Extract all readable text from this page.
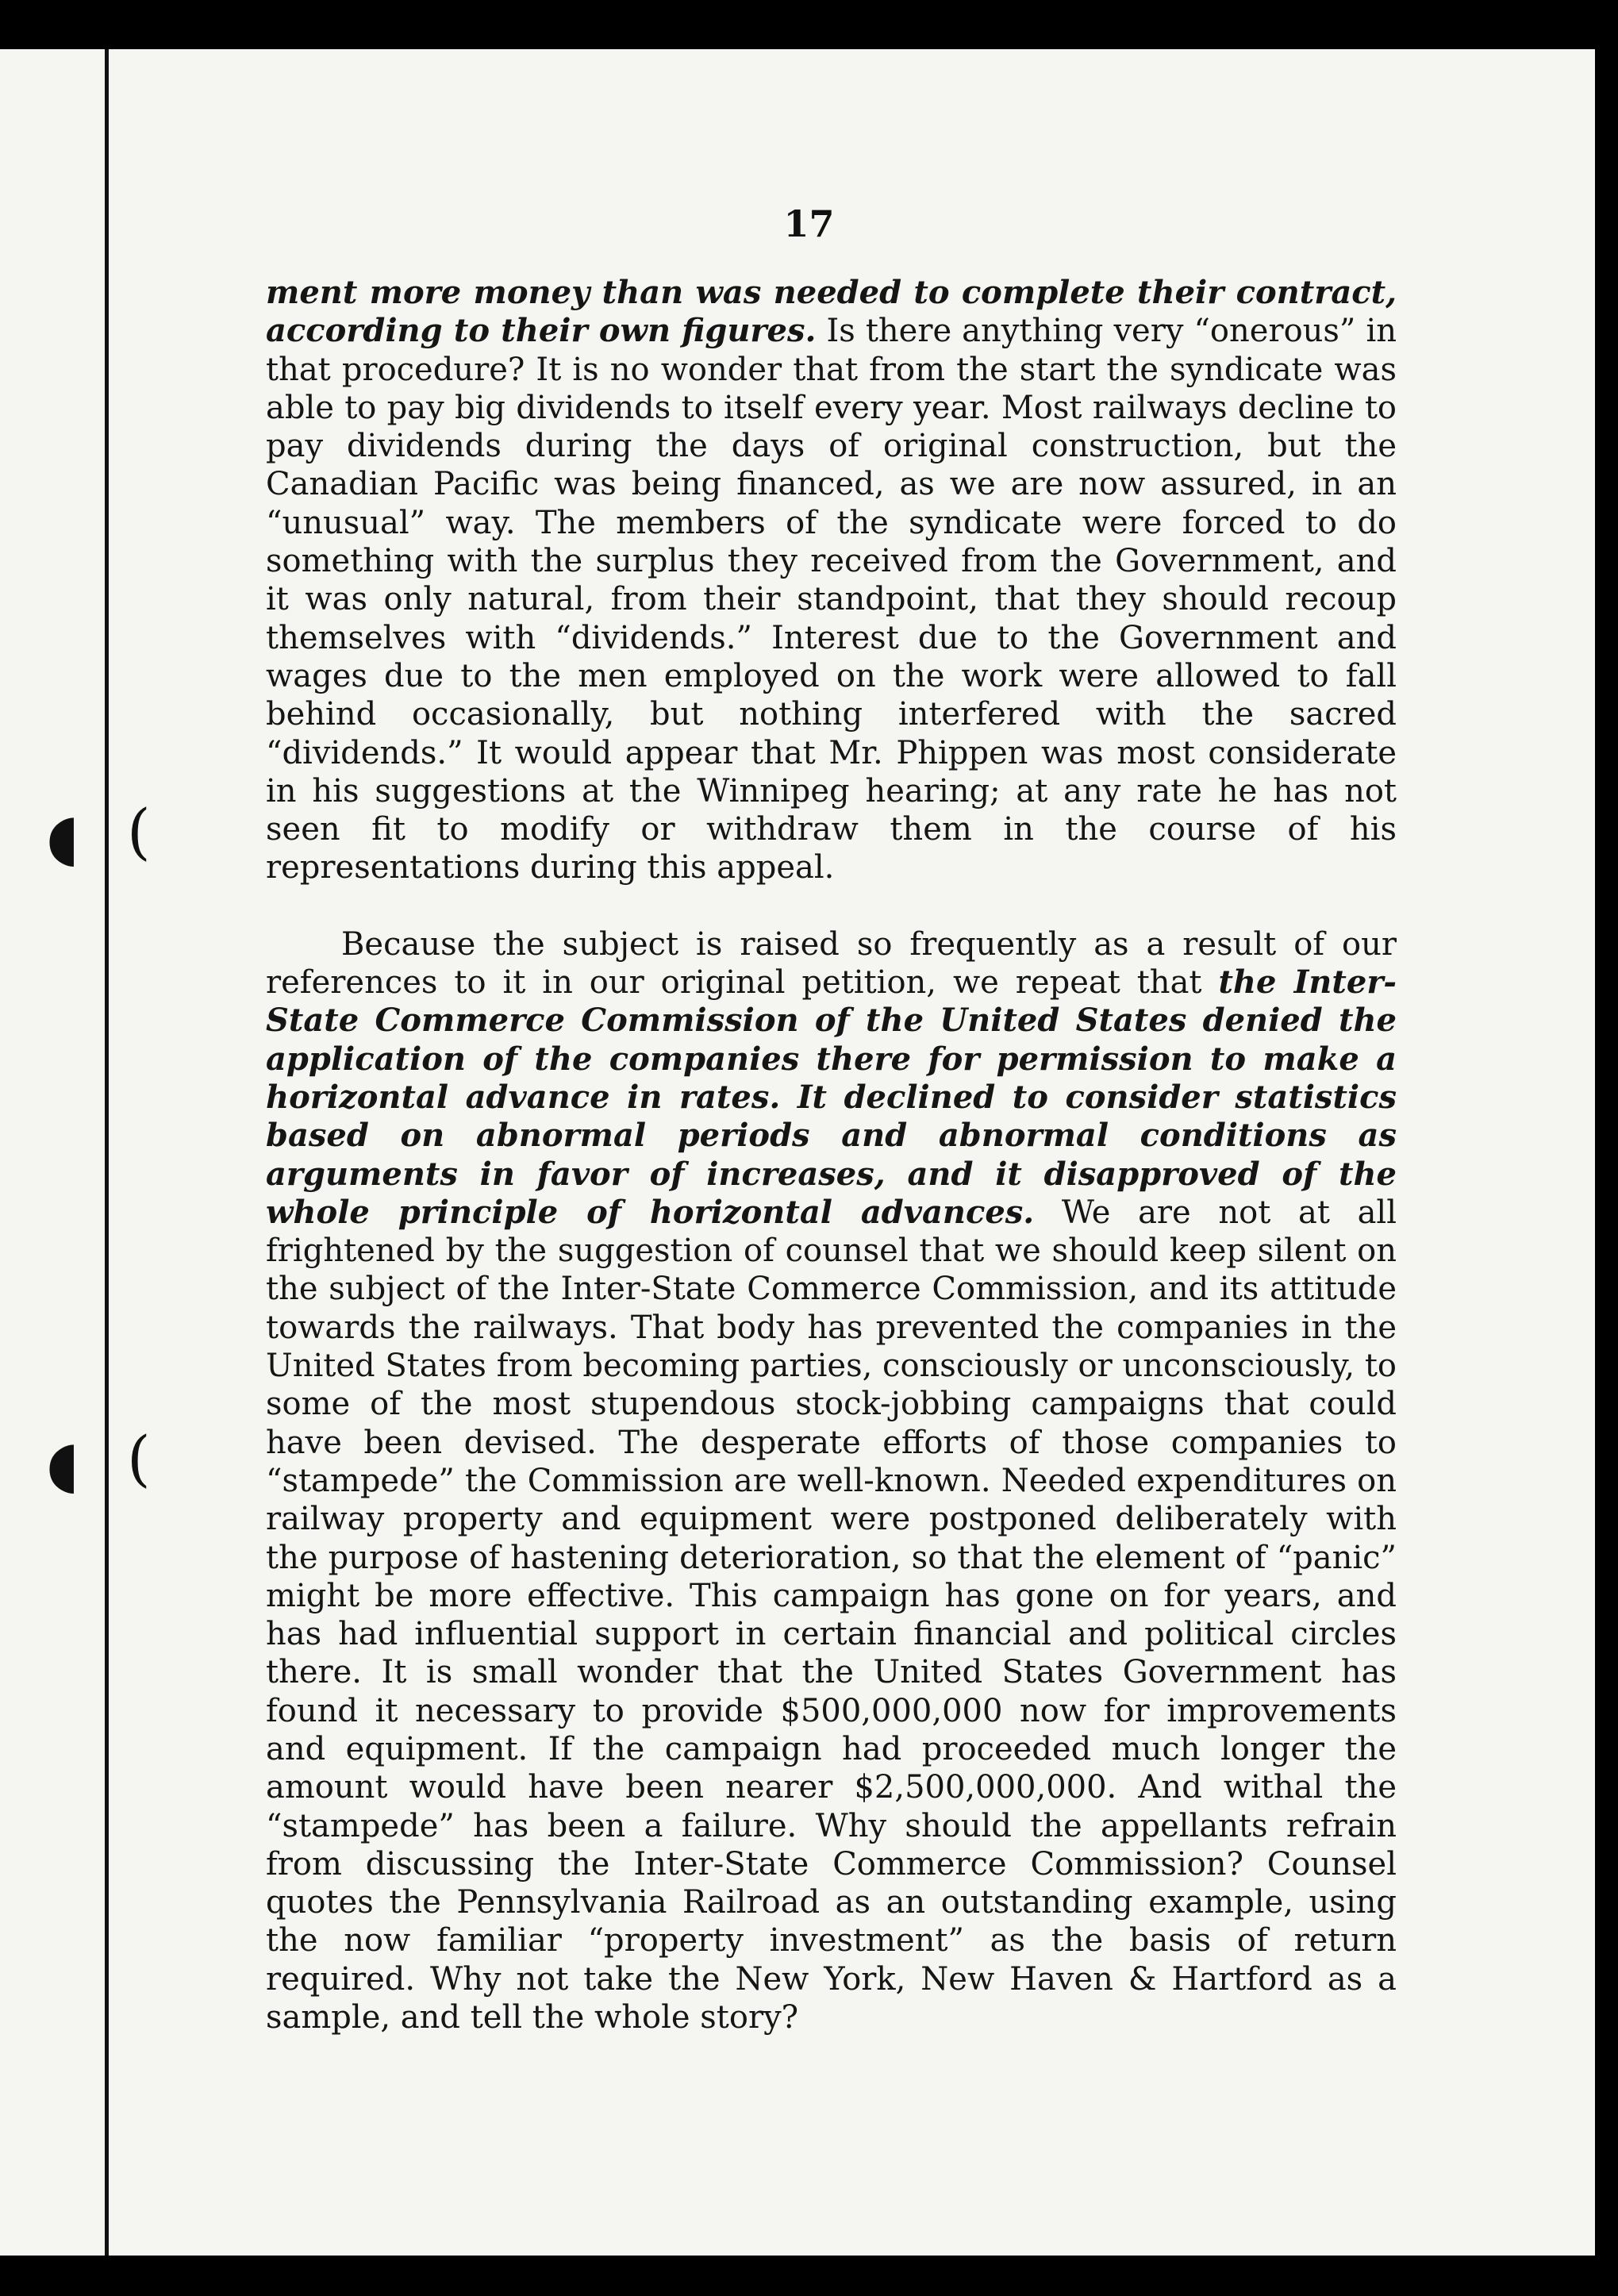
◖ (
◖ (
17

ment more money than was needed to complete their contract, according to their own figures. Is there anything very “onerous” in that procedure? It is no wonder that from the start the syndicate was able to pay big dividends to itself every year. Most railways decline to pay dividends during the days of original construction, but the Canadian Pacific was being financed, as we are now assured, in an “unusual” way. The members of the syndicate were forced to do something with the surplus they received from the Government, and it was only natural, from their standpoint, that they should recoup themselves with “dividends.” Interest due to the Government and wages due to the men employed on the work were allowed to fall behind occasionally, but nothing interfered with the sacred “dividends.” It would appear that Mr. Phippen was most considerate in his suggestions at the Winnipeg hearing; at any rate he has not seen fit to modify or withdraw them in the course of his representations during this appeal.

Because the subject is raised so frequently as a result of our references to it in our original petition, we repeat that the Inter-State Commerce Commission of the United States denied the application of the companies there for permission to make a horizontal advance in rates. It declined to consider statistics based on abnormal periods and abnormal conditions as arguments in favor of increases, and it disapproved of the whole principle of horizontal advances. We are not at all frightened by the suggestion of counsel that we should keep silent on the subject of the Inter-State Commerce Commission, and its attitude towards the railways. That body has prevented the companies in the United States from becoming parties, consciously or unconsciously, to some of the most stupendous stock-jobbing campaigns that could have been devised. The desperate efforts of those companies to “stampede” the Commission are well-known. Needed expenditures on railway property and equipment were postponed deliberately with the purpose of hastening deterioration, so that the element of “panic” might be more effective. This campaign has gone on for years, and has had influential support in certain financial and political circles there. It is small wonder that the United States Government has found it necessary to provide $500,000,000 now for improvements and equipment. If the campaign had proceeded much longer the amount would have been nearer $2,500,000,000. And withal the “stampede” has been a failure. Why should the appellants refrain from discussing the Inter-State Commerce Commission? Counsel quotes the Pennsylvania Railroad as an outstanding example, using the now familiar “property investment” as the basis of return required. Why not take the New York, New Haven & Hartford as a sample, and tell the whole story?
